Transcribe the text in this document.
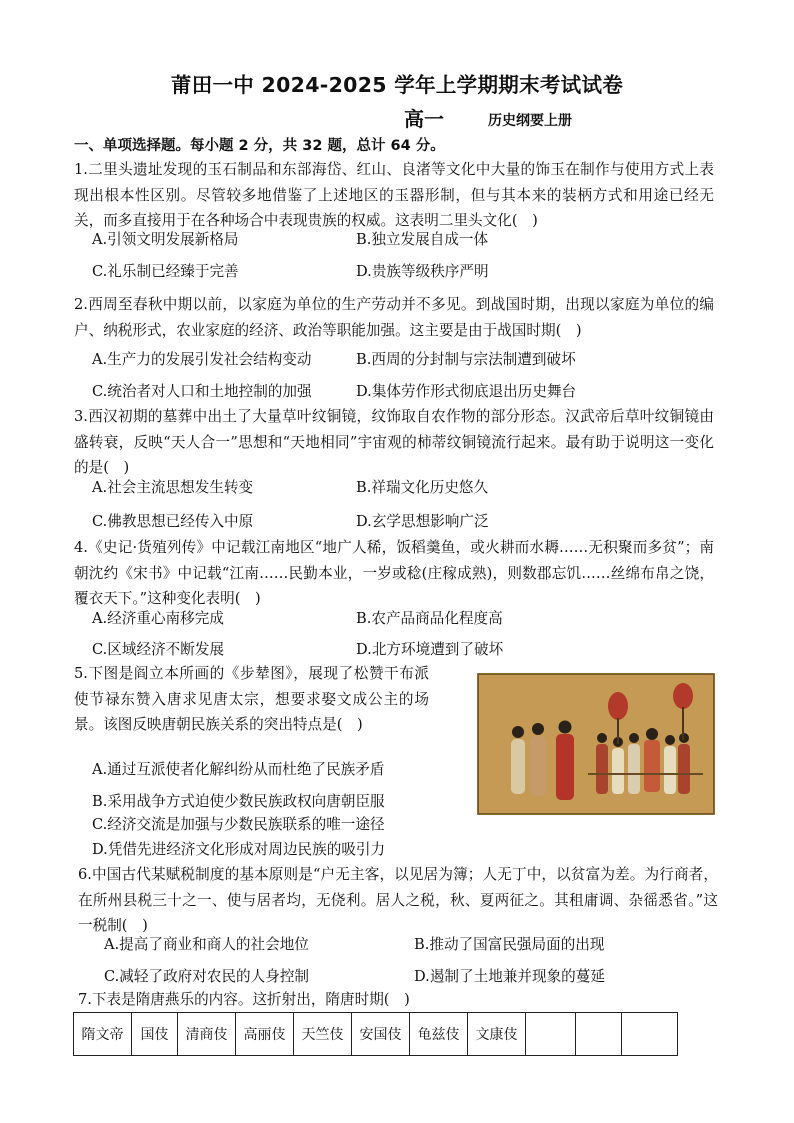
莆田一中 2024-2025 学年上学期期末考试试卷
高一	历史纲要上册
一、单项选择题。每小题 2 分，共 32 题，总计 64 分。
1.二里头遗址发现的玉石制品和东部海岱、红山、良渚等文化中大量的饰玉在制作与使用方式上表现出根本性区别。尽管较多地借鉴了上述地区的玉器形制，但与其本来的装柄方式和用途已经无关，而多直接用于在各种场合中表现贵族的权威。这表明二里头文化(　)
A.引领文明发展新格局	B.独立发展自成一体
C.礼乐制已经臻于完善	D.贵族等级秩序严明
2.西周至春秋中期以前，以家庭为单位的生产劳动并不多见。到战国时期，出现以家庭为单位的编户、纳税形式，农业家庭的经济、政治等职能加强。这主要是由于战国时期(　)
A.生产力的发展引发社会结构变动	B.西周的分封制与宗法制遭到破坏
C.统治者对人口和土地控制的加强	D.集体劳作形式彻底退出历史舞台
3.西汉初期的墓葬中出土了大量草叶纹铜镜，纹饰取自农作物的部分形态。汉武帝后草叶纹铜镜由盛转衰，反映“天人合一”思想和“天地相同”宇宙观的柿蒂纹铜镜流行起来。最有助于说明这一变化的是(　)
A.社会主流思想发生转变	B.祥瑞文化历史悠久
C.佛教思想已经传入中原	D.玄学思想影响广泛
4.《史记·货殖列传》中记载江南地区“地广人稀，饭稻羹鱼，或火耕而水耨……无积聚而多贫”；南朝沈约《宋书》中记载“江南……民勤本业，一岁或稔(庄稼成熟)，则数郡忘饥……丝绵布帛之饶，覆衣天下。”这种变化表明(　)
A.经济重心南移完成	B.农产品商品化程度高
C.区域经济不断发展	D.北方环境遭到了破坏
5.下图是阎立本所画的《步辇图》，展现了松赞干布派使节禄东赞入唐求见唐太宗，想要求娶文成公主的场景。该图反映唐朝民族关系的突出特点是(　)
A.通过互派使者化解纠纷从而杜绝了民族矛盾
B.采用战争方式迫使少数民族政权向唐朝臣服
C.经济交流是加强与少数民族联系的唯一途径
D.凭借先进经济文化形成对周边民族的吸引力
6.中国古代某赋税制度的基本原则是“户无主客，以见居为簿；人无丁中，以贫富为差。为行商者，在所州县税三十之一、使与居者均，无侥利。居人之税，秋、夏两征之。其租庸调、杂徭悉省。”这一税制(　)
A.提高了商业和商人的社会地位	B.推动了国富民强局面的出现
C.减轻了政府对农民的人身控制	D.遏制了土地兼并现象的蔓延
7.下表是隋唐燕乐的内容。这折射出，隋唐时期(　)
隋文帝	国伎	清商伎	高丽伎	天竺伎	安国伎	龟兹伎	文康伎			
